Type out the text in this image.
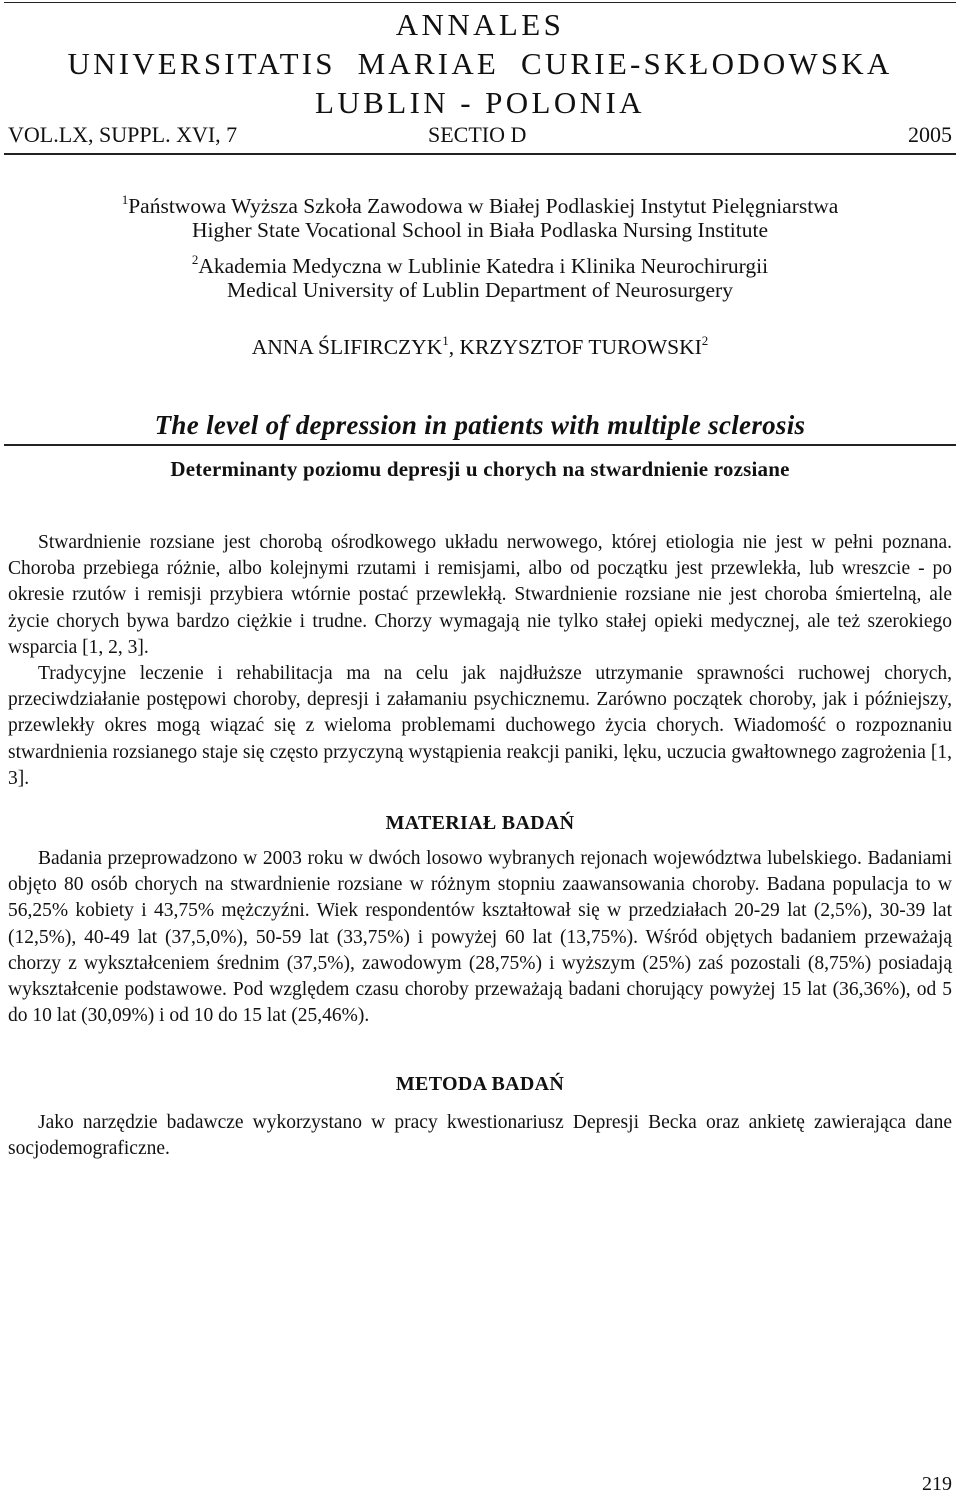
ANNALES
UNIVERSITATIS  MARIAE  CURIE-SKŁODOWSKA
LUBLIN - POLONIA
VOL.LX, SUPPL. XVI, 7	SECTIO D	2005
$^1$Państwowa Wyższa Szkoła Zawodowa w Białej Podlaskiej Instytut Pielęgniarstwa
Higher State Vocational School in Biała Podlaska Nursing Institute
$^2$Akademia Medyczna w Lublinie Katedra i Klinika Neurochirurgii
Medical University of Lublin Department of Neurosurgery
ANNA ŚLIFIRCZYK$^1$, KRZYSZTOF TUROWSKI$^2$
The level of depression in patients with multiple sclerosis
Determinanty poziomu depresji u chorych na stwardnienie rozsiane

Stwardnienie rozsiane jest chorobą ośrodkowego układu nerwowego, której etiologia nie jest w pełni poznana. Choroba przebiega różnie, albo kolejnymi rzutami i remisjami, albo od początku jest przewlekła, lub wreszcie - po okresie rzutów i remisji przybiera wtórnie postać przewlekłą. Stwardnienie rozsiane nie jest choroba śmiertelną, ale życie chorych bywa bardzo ciężkie i trudne. Chorzy wymagają nie tylko stałej opieki medycznej, ale też szerokiego wsparcia [1, 2, 3].

Tradycyjne leczenie i rehabilitacja ma na celu jak najdłuższe utrzymanie sprawności ruchowej chorych, przeciwdziałanie postępowi choroby, depresji i załamaniu psychicznemu. Zarówno początek choroby, jak i późniejszy, przewlekły okres mogą wiązać się z wieloma problemami duchowego życia chorych. Wiadomość o rozpoznaniu stwardnienia rozsianego staje się często przyczyną wystąpienia reakcji paniki, lęku, uczucia gwałtownego zagrożenia [1, 3].

MATERIAŁ BADAŃ

Badania przeprowadzono w 2003 roku w dwóch losowo wybranych rejonach województwa lubelskiego. Badaniami objęto 80 osób chorych na stwardnienie rozsiane w różnym stopniu zaawansowania choroby. Badana populacja to w 56,25% kobiety i 43,75% mężczyźni. Wiek respondentów kształtował się w przedziałach 20-29 lat (2,5%), 30-39 lat (12,5%), 40-49 lat (37,5,0%), 50-59 lat (33,75%) i powyżej 60 lat (13,75%). Wśród objętych badaniem przeważają chorzy z wykształceniem średnim (37,5%), zawodowym (28,75%) i wyższym (25%) zaś pozostali (8,75%) posiadają wykształcenie podstawowe. Pod względem czasu choroby przeważają badani chorujący powyżej 15 lat (36,36%), od 5 do 10 lat (30,09%) i od 10 do 15 lat (25,46%).

METODA BADAŃ

Jako narzędzie badawcze wykorzystano w pracy kwestionariusz Depresji Becka oraz ankietę zawierająca dane socjodemograficzne.

219
